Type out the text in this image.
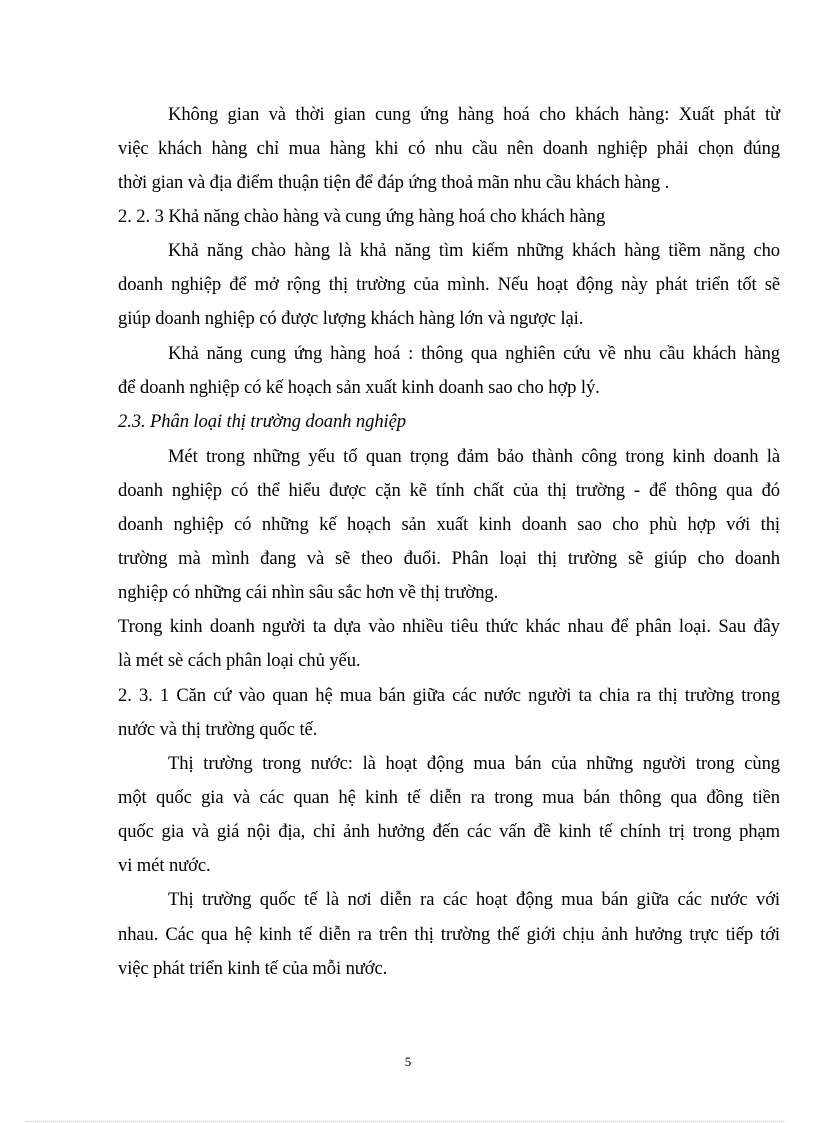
Không gian và thời gian cung ứng hàng hoá cho khách hàng: Xuất phát từ
việc khách hàng chỉ mua hàng khi có nhu cầu nên doanh nghiệp phải chọn đúng
thời gian và địa điểm thuận tiện để đáp ứng thoả mãn nhu cầu khách hàng .
2. 2. 3 Khả năng chào hàng và cung ứng hàng hoá cho khách hàng
Khả năng chào hàng là khả năng tìm kiếm những khách hàng tiềm năng cho
doanh nghiệp để mở rộng thị trường của mình. Nếu hoạt động này phát triển tốt sẽ
giúp doanh nghiệp có được lượng khách hàng lớn và ngược lại.
Khả năng cung ứng hàng hoá : thông qua nghiên cứu về nhu cầu khách hàng
để doanh nghiệp có kế hoạch sản xuất kinh doanh sao cho hợp lý.
2.3. Phân loại thị trường doanh nghiệp
Mét trong những yếu tố quan trọng đảm bảo thành công trong kinh doanh là
doanh nghiệp có thể hiểu được cặn kẽ tính chất của thị trường - để thông qua đó
doanh nghiệp có những kế hoạch sản xuất kinh doanh sao cho phù hợp với thị
trường mà mình đang và sẽ theo đuổi. Phân loại thị trường sẽ giúp cho doanh
nghiệp có những cái nhìn sâu sắc hơn về thị trường.
Trong kinh doanh người ta dựa vào nhiều tiêu thức khác nhau để phân loại. Sau đây
là mét sè cách phân loại chủ yếu.
2. 3. 1 Căn cứ vào quan hệ mua bán giữa các nước người ta chia ra thị trường trong
nước và thị trường quốc tế.
Thị trường trong nước: là hoạt động mua bán của những người trong cùng
một quốc gia và các quan hệ kinh tế diễn ra trong mua bán thông qua đồng tiền
quốc gia và giá nội địa, chỉ ảnh hưởng đến các vấn đề kinh tế chính trị trong phạm
vi mét nước.
Thị trường quốc tế là nơi diễn ra các hoạt động mua bán giữa các nước với
nhau. Các qua hệ kinh tế diễn ra trên thị trường thế giới chịu ảnh hưởng trực tiếp tới
việc phát triển kinh tế của mỗi nước.
5
